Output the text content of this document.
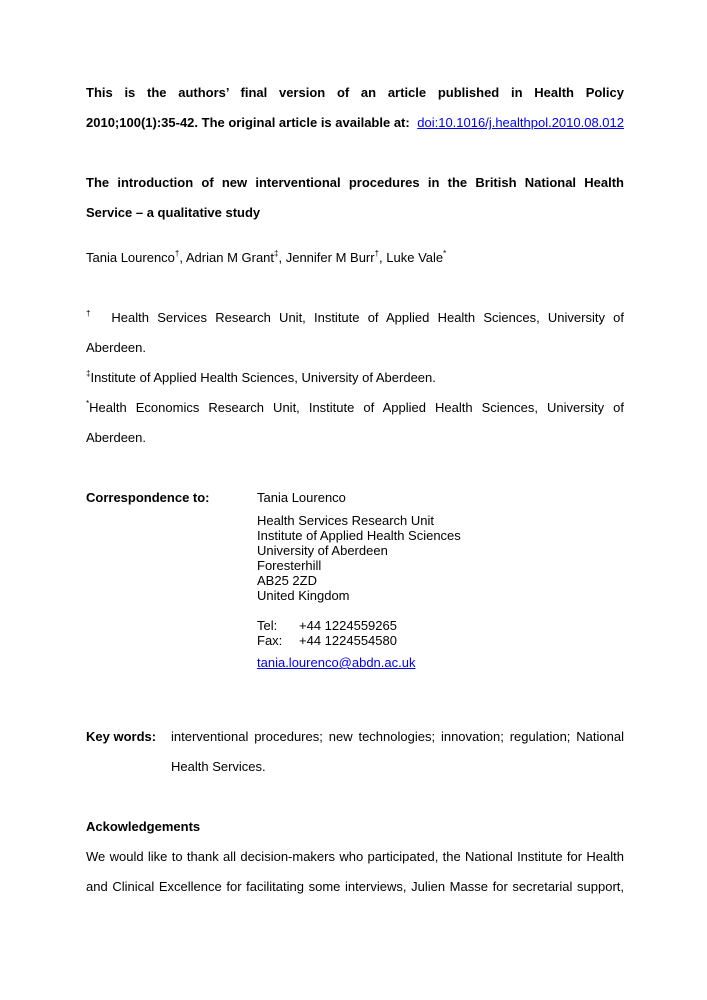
This is the authors’ final version of an article published in Health Policy
2010;100(1):35-42. The original article is available at: doi:10.1016/j.healthpol.2010.08.012
The introduction of new interventional procedures in the British National Health
Service – a qualitative study
Tania Lourenco†, Adrian M Grant‡, Jennifer M Burr†, Luke Vale*
† Health Services Research Unit, Institute of Applied Health Sciences, University of
Aberdeen.
‡Institute of Applied Health Sciences, University of Aberdeen.
*Health Economics Research Unit, Institute of Applied Health Sciences, University of
Aberdeen.
Correspondence to:	Tania Lourenco
Health Services Research Unit
Institute of Applied Health Sciences
University of Aberdeen
Foresterhill
AB25 2ZD
United Kingdom
Tel: +44 1224559265
Fax: +44 1224554580
tania.lourenco@abdn.ac.uk
Key words: interventional procedures; new technologies; innovation; regulation; National
Health Services.
Ackowledgements
We would like to thank all decision-makers who participated, the National Institute for Health
and Clinical Excellence for facilitating some interviews, Julien Masse for secretarial support,
